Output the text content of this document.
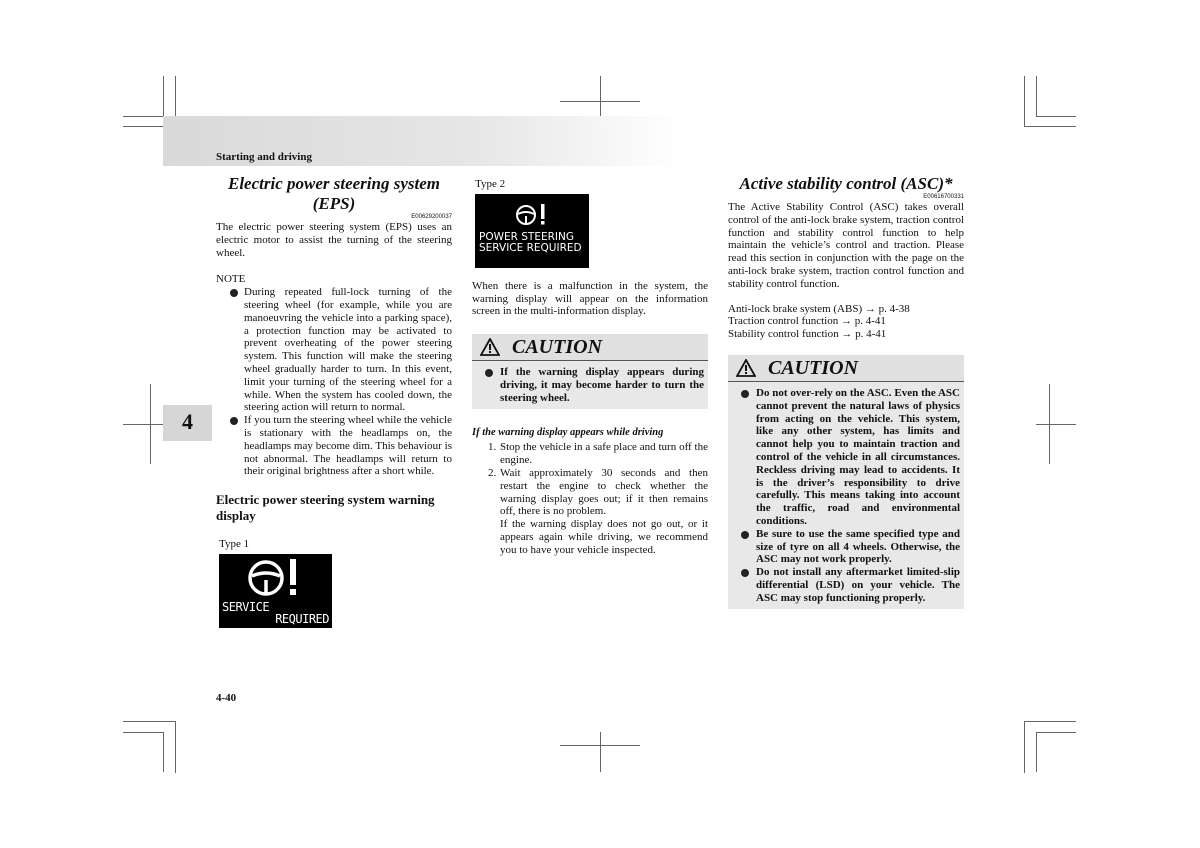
Starting and driving
4
4-40
Electric power steering system (EPS)
E00629200037

The electric power steering system (EPS) uses an electric motor to assist the turning of the steering wheel.

NOTE

During repeated full-lock turning of the steering wheel (for example, while you are manoeuvring the vehicle into a parking space), a protection function may be activated to prevent overheating of the power steering system. This function will make the steering wheel gradually harder to turn. In this event, limit your turning of the steering wheel for a while. When the system has cooled down, the steering action will return to normal.
If you turn the steering wheel while the vehicle is stationary with the headlamps on, the headlamps may become dim. This behaviour is not abnormal. The headlamps will return to their original brightness after a short while.
Electric power steering system warning display
Type 1
SERVICE
REQUIRED
Type 2
POWER STEERING
SERVICE REQUIRED

When there is a malfunction in the system, the warning display will appear on the information screen in the multi-information display.

CAUTION
If the warning display appears during driving, it may become harder to turn the steering wheel.

If the warning display appears while driving

1. Stop the vehicle in a safe place and turn off the engine.
2. Wait approximately 30 seconds and then restart the engine to check whether the warning display goes out; if it then remains off, there is no problem.
If the warning display does not go out, or it appears again while driving, we recommend you to have your vehicle inspected.
Active stability control (ASC)*
E00616700331

The Active Stability Control (ASC) takes overall control of the anti-lock brake system, traction control function and stability control function to help maintain the vehicle’s control and traction. Please read this section in conjunction with the page on the anti-lock brake system, traction control function and stability control function.

Anti-lock brake system (ABS) → p. 4-38
Traction control function → p. 4-41
Stability control function → p. 4-41
CAUTION
Do not over-rely on the ASC. Even the ASC cannot prevent the natural laws of physics from acting on the vehicle. This system, like any other system, has limits and cannot help you to maintain traction and control of the vehicle in all circumstances. Reckless driving may lead to accidents. It is the driver’s responsibility to drive carefully. This means taking into account the traffic, road and environmental conditions.
Be sure to use the same specified type and size of tyre on all 4 wheels. Otherwise, the ASC may not work properly.
Do not install any aftermarket limited-slip differential (LSD) on your vehicle. The ASC may stop functioning properly.
